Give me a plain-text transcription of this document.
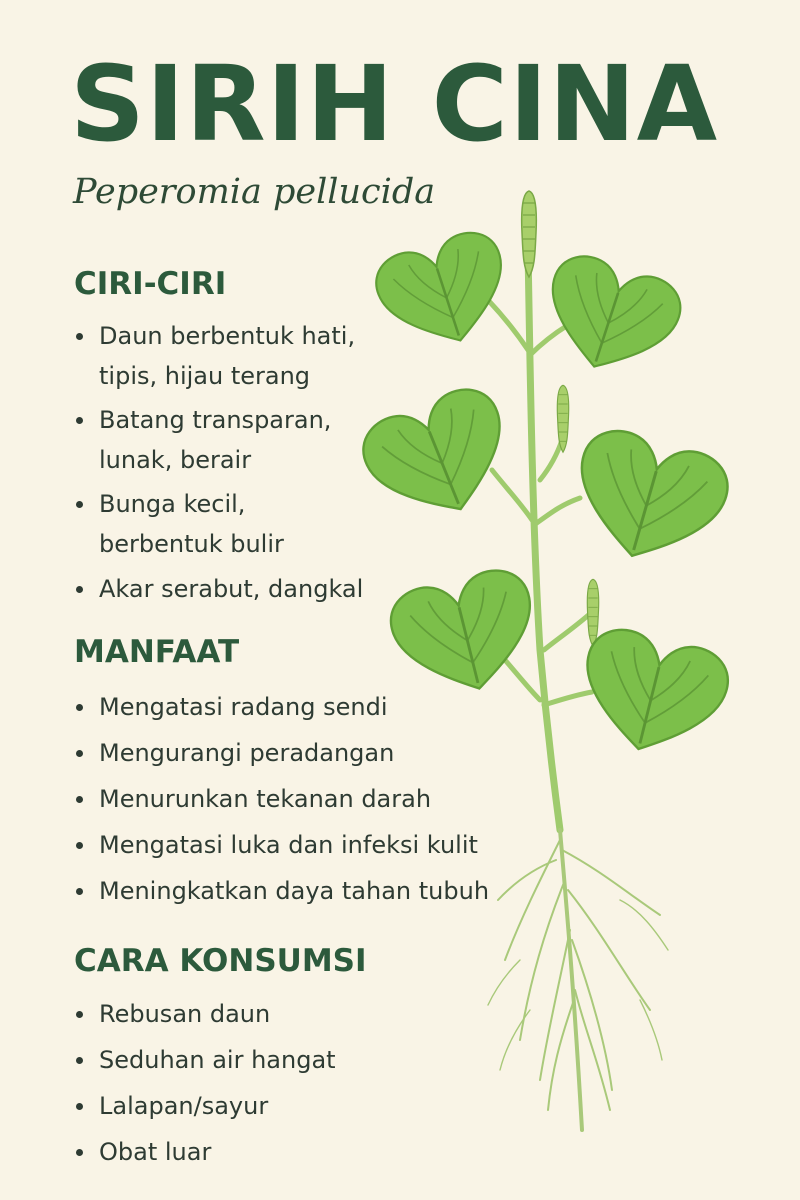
SIRIH CINA

Peperomia pellucida

CIRI-CIRI
Daun berbentuk hati, tipis, hijau terang
Batang transparan, lunak, berair
Bunga kecil, berbentuk bulir
Akar serabut, dangkal
MANFAAT
Mengatasi radang sendi
Mengurangi peradangan
Menurunkan tekanan darah
Mengatasi luka dan infeksi kulit
Meningkatkan daya tahan tubuh
CARA KONSUMSI
Rebusan daun
Seduhan air hangat
Lalapan/sayur
Obat luar
